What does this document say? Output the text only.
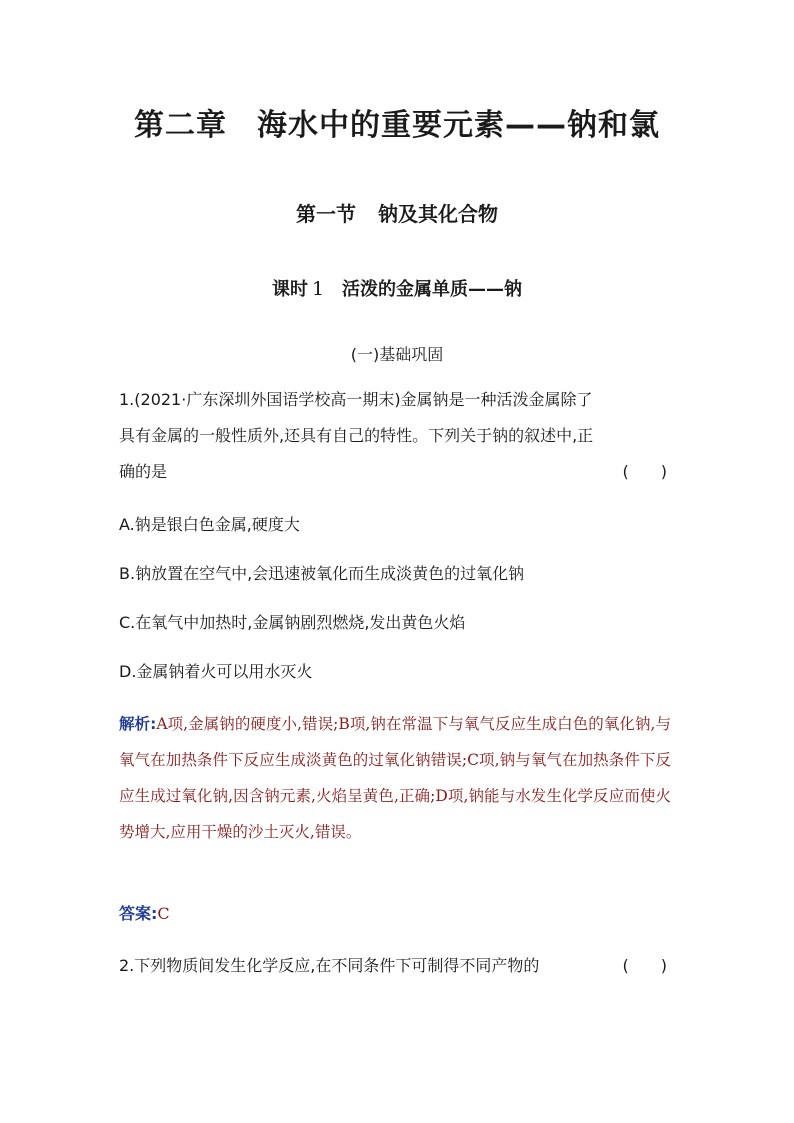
第二章 海水中的重要元素——钠和氯
第一节 钠及其化合物
课时 1 活泼的金属单质——钠
(一)基础巩固
1.(2021·广东深圳外国语学校高一期末)金属钠是一种活泼金属除了
具有金属的一般性质外,还具有自己的特性。下列关于钠的叙述中,正
确的是	(　　)
A.钠是银白色金属,硬度大
B.钠放置在空气中,会迅速被氧化而生成淡黄色的过氧化钠
C.在氧气中加热时,金属钠剧烈燃烧,发出黄色火焰
D.金属钠着火可以用水灭火
解析:A项,金属钠的硬度小,错误;B项,钠在常温下与氧气反应生成白色的氧化钠,与氧气在加热条件下反应生成淡黄色的过氧化钠错误;C项,钠与氧气在加热条件下反应生成过氧化钠,因含钠元素,火焰呈黄色,正确;D项,钠能与水发生化学反应而使火势增大,应用干燥的沙土灭火,错误。
答案:C
2.下列物质间发生化学反应,在不同条件下可制得不同产物的	(　　)
